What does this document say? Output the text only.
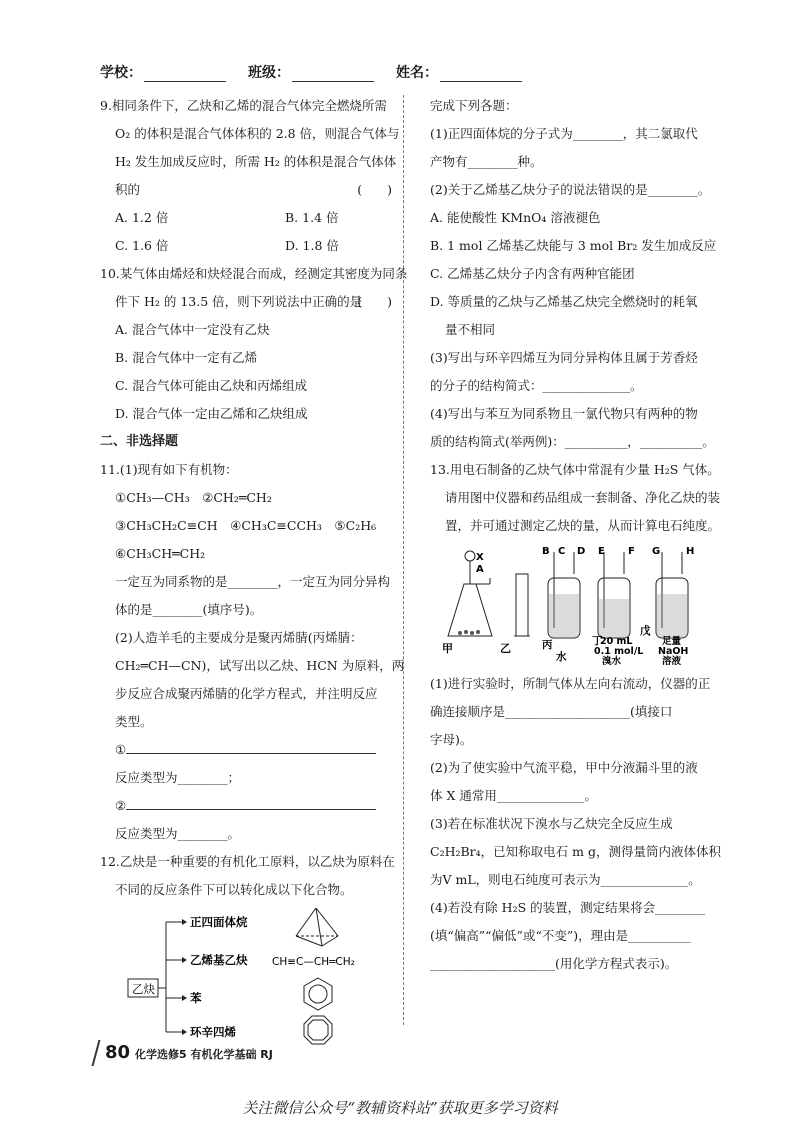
学校：	班级：	姓名：

9.相同条件下，乙炔和乙烯的混合气体完全燃烧所需

O₂ 的体积是混合气体体积的 2.8 倍，则混合气体与

H₂ 发生加成反应时，所需 H₂ 的体积是混合气体体

积的	(　　)
A. 1.2 倍	B. 1.4 倍
C. 1.6 倍	D. 1.8 倍

10.某气体由烯烃和炔烃混合而成，经测定其密度为同条

件下 H₂ 的 13.5 倍，则下列说法中正确的是
(　　)

A. 混合气体中一定没有乙炔

B. 混合气体中一定有乙烯

C. 混合气体可能由乙炔和丙烯组成

D. 混合气体一定由乙烯和乙炔组成

二、非选择题

11.(1)现有如下有机物：

①CH₃—CH₃　②CH₂═CH₂

③CH₃CH₂C≡CH　④CH₃C≡CCH₃　⑤C₂H₆

⑥CH₃CH═CH₂

一定互为同系物的是________，一定互为同分异构

体的是________(填序号)。

(2)人造羊毛的主要成分是聚丙烯腈(丙烯腈：

CH₂═CH—CN)，试写出以乙炔、HCN 为原料，两

步反应合成聚丙烯腈的化学方程式，并注明反应

类型。

①

反应类型为________；

②

反应类型为________。

12.乙炔是一种重要的有机化工原料，以乙炔为原料在

不同的反应条件下可以转化成以下化合物。

乙炔
正四面体烷
乙烯基乙炔
苯
环辛四烯
CH≡C—CH═CH₂

完成下列各题：

(1)正四面体烷的分子式为________，其二氯取代

产物有________种。

(2)关于乙烯基乙炔分子的说法错误的是________。

A. 能使酸性 KMnO₄ 溶液褪色

B. 1 mol 乙烯基乙炔能与 3 mol Br₂ 发生加成反应

C. 乙烯基乙炔分子内含有两种官能团

D. 等质量的乙炔与乙烯基乙炔完全燃烧时的耗氧

量不相同

(3)写出与环辛四烯互为同分异构体且属于芳香烃

的分子的结构简式：______________。

(4)写出与苯互为同系物且一氯代物只有两种的物

质的结构简式(举两例)：__________，__________。

13.用电石制备的乙炔气体中常混有少量 H₂S 气体。

请用图中仪器和药品组成一套制备、净化乙炔的装

置，并可通过测定乙炔的量，从而计算电石纯度。

X
A
甲	乙
B C D
丙
水
E F
丁
20 mL
0.1 mol/L
溴水
G	H
戊
足量
NaOH
溶液

(1)进行实验时，所制气体从左向右流动，仪器的正

确连接顺序是____________________(填接口

字母)。

(2)为了使实验中气流平稳，甲中分液漏斗里的液

体 X 通常用______________。

(3)若在标准状况下溴水与乙炔完全反应生成

C₂H₂Br₄，已知称取电石 m g，测得量筒内液体体积

为V mL，则电石纯度可表示为______________。

(4)若没有除 H₂S 的装置，测定结果将会________

(填“偏高”“偏低”或“不变”)，理由是__________

____________________(用化学方程式表示)。

80 化学选修5 有机化学基础 RJ
关注微信公众号“教辅资料站”获取更多学习资料
